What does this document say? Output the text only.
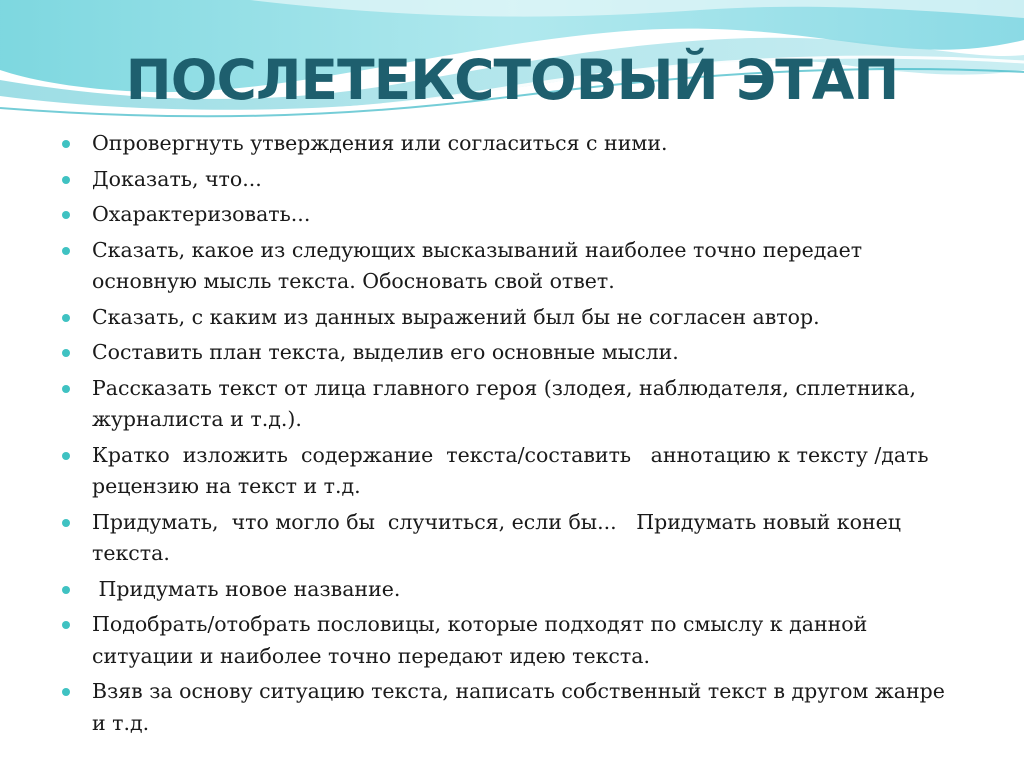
ПОСЛЕТЕКСТОВЫЙ ЭТАП
Опровергнуть утверждения или согласиться с ними.
Доказать, что...
Охарактеризовать...
Сказать, какое из следующих высказываний наиболее точно передает основную мысль текста. Обосновать свой ответ.
Сказать, с каким из данных выражений был бы не согласен автор.
Составить план текста, выделив его основные мысли.
Рассказать текст от лица главного героя (злодея, наблюдателя, сплетника, журналиста и т.д.).
Кратко  изложить  содержание  текста/составить   аннотацию к тексту /дать рецензию на текст и т.д.
Придумать,  что могло бы  случиться, если бы...   Придумать новый конец текста.
Придумать новое название.
Подобрать/отобрать пословицы, которые подходят по смыслу к данной ситуации и наиболее точно передают идею текста.
Взяв за основу ситуацию текста, написать собственный текст в другом жанре и т.д.
